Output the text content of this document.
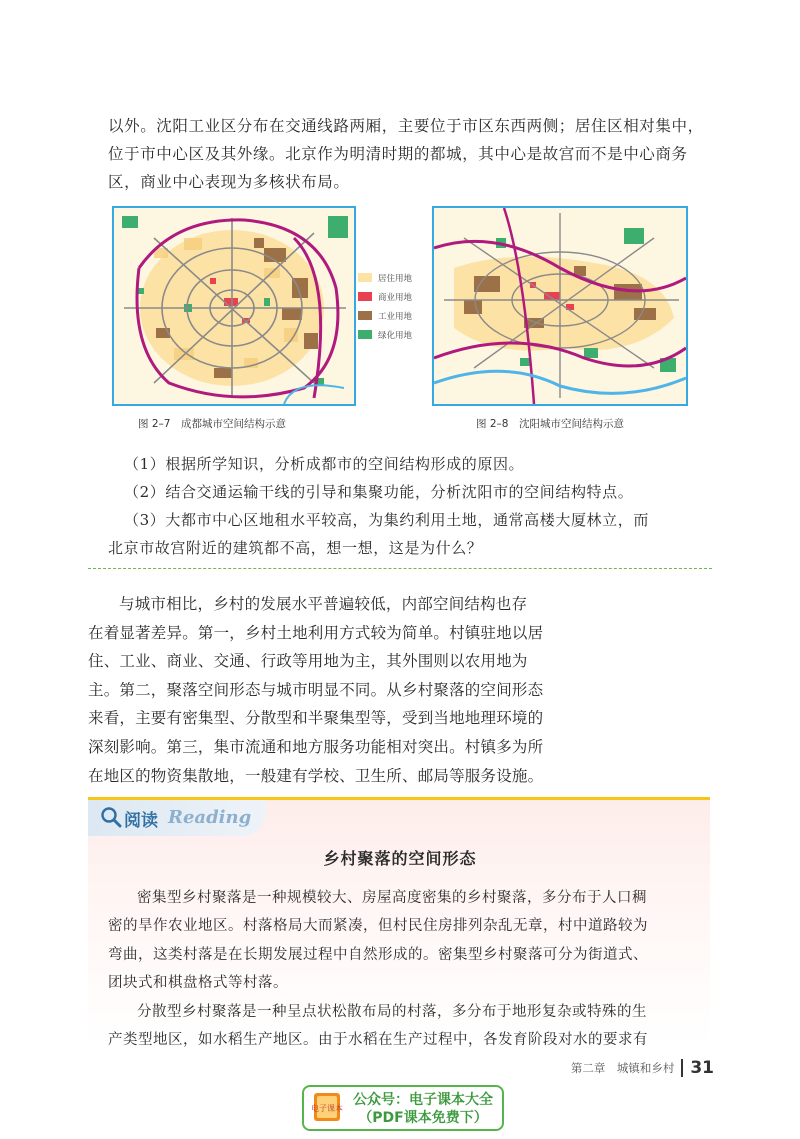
以外。沈阳工业区分布在交通线路两厢，主要位于市区东西两侧；居住区相对集中，
位于市中心区及其外缘。北京作为明清时期的都城，其中心是故宫而不是中心商务
区，商业中心表现为多核状布局。
居住用地
商业用地
工业用地
绿化用地
图 2–7　成都城市空间结构示意	图 2–8　沈阳城市空间结构示意
（1）根据所学知识，分析成都市的空间结构形成的原因。
（2）结合交通运输干线的引导和集聚功能，分析沈阳市的空间结构特点。
（3）大都市中心区地租水平较高，为集约利用土地，通常高楼大厦林立，而
北京市故宫附近的建筑都不高，想一想，这是为什么？
与城市相比，乡村的发展水平普遍较低，内部空间结构也存
在着显著差异。第一，乡村土地利用方式较为简单。村镇驻地以居
住、工业、商业、交通、行政等用地为主，其外围则以农用地为
主。第二，聚落空间形态与城市明显不同。从乡村聚落的空间形态
来看，主要有密集型、分散型和半聚集型等，受到当地地理环境的
深刻影响。第三，集市流通和地方服务功能相对突出。村镇多为所
在地区的物资集散地，一般建有学校、卫生所、邮局等服务设施。
阅读 Reading
乡村聚落的空间形态
密集型乡村聚落是一种规模较大、房屋高度密集的乡村聚落，多分布于人口稠
密的旱作农业地区。村落格局大而紧凑，但村民住房排列杂乱无章，村中道路较为
弯曲，这类村落是在长期发展过程中自然形成的。密集型乡村聚落可分为街道式、
团块式和棋盘格式等村落。
分散型乡村聚落是一种呈点状松散布局的村落，多分布于地形复杂或特殊的生
产类型地区，如水稻生产地区。由于水稻在生产过程中，各发育阶段对水的要求有
第二章　城镇和乡村 31
电子课本
公众号：电子课本大全
（PDF课本免费下）
